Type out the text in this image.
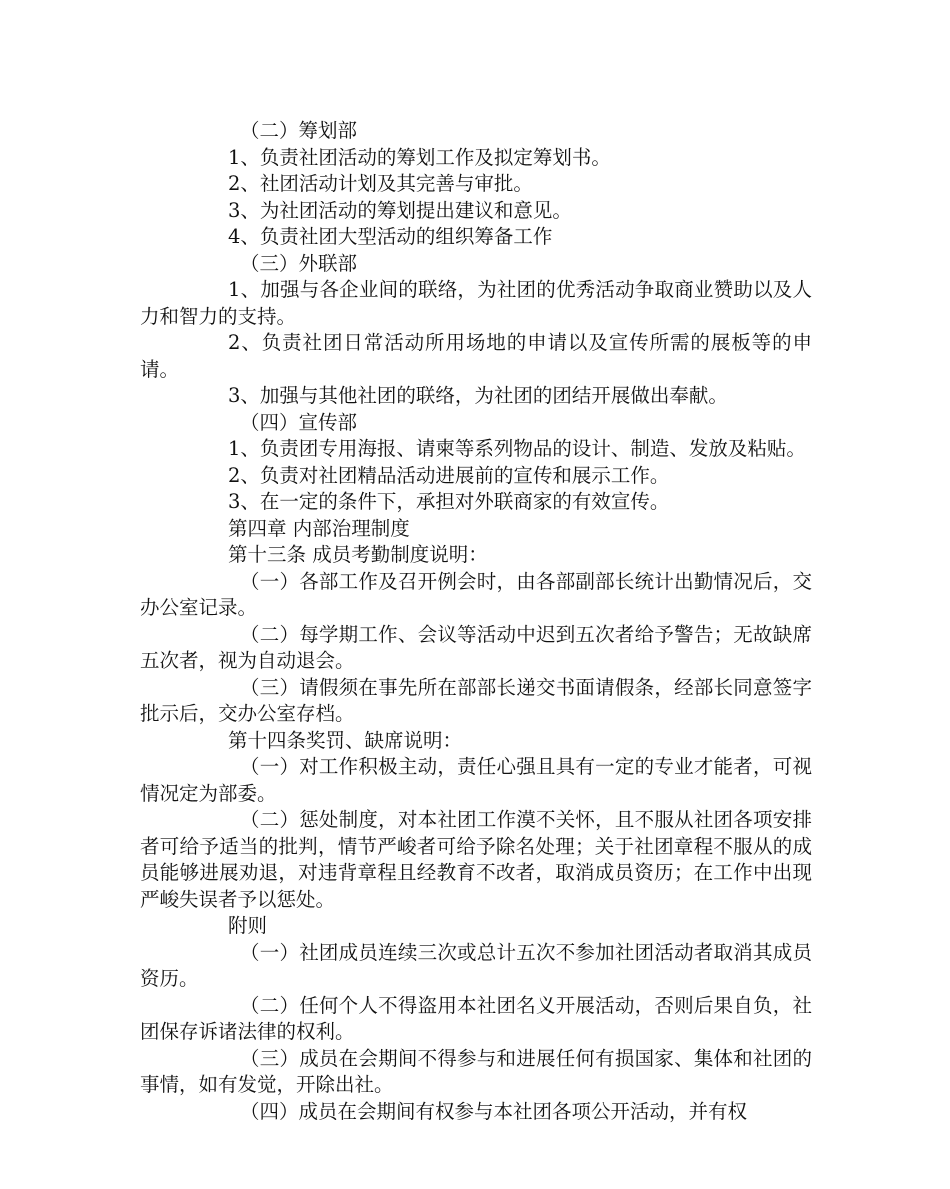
（二）筹划部

1、负责社团活动的筹划工作及拟定筹划书。

2、社团活动计划及其完善与审批。

3、为社团活动的筹划提出建议和意见。

4、负责社团大型活动的组织筹备工作

（三）外联部

1、加强与各企业间的联络，为社团的优秀活动争取商业赞助以及人力和智力的支持。

2、负责社团日常活动所用场地的申请以及宣传所需的展板等的申请。

3、加强与其他社团的联络，为社团的团结开展做出奉献。

（四）宣传部

1、负责团专用海报、请柬等系列物品的设计、制造、发放及粘贴。

2、负责对社团精品活动进展前的宣传和展示工作。

3、在一定的条件下，承担对外联商家的有效宣传。

第四章 内部治理制度

第十三条 成员考勤制度说明：

（一）各部工作及召开例会时，由各部副部长统计出勤情况后，交办公室记录。

（二）每学期工作、会议等活动中迟到五次者给予警告；无故缺席五次者，视为自动退会。

（三）请假须在事先所在部部长递交书面请假条，经部长同意签字批示后，交办公室存档。

第十四条奖罚、缺席说明：

（一）对工作积极主动，责任心强且具有一定的专业才能者，可视情况定为部委。

（二）惩处制度，对本社团工作漠不关怀，且不服从社团各项安排者可给予适当的批判，情节严峻者可给予除名处理；关于社团章程不服从的成员能够进展劝退，对违背章程且经教育不改者，取消成员资历；在工作中出现严峻失误者予以惩处。

附则

（一）社团成员连续三次或总计五次不参加社团活动者取消其成员资历。

（二）任何个人不得盗用本社团名义开展活动，否则后果自负，社团保存诉诸法律的权利。

（三）成员在会期间不得参与和进展任何有损国家、集体和社团的事情，如有发觉，开除出社。

（四）成员在会期间有权参与本社团各项公开活动，并有权
